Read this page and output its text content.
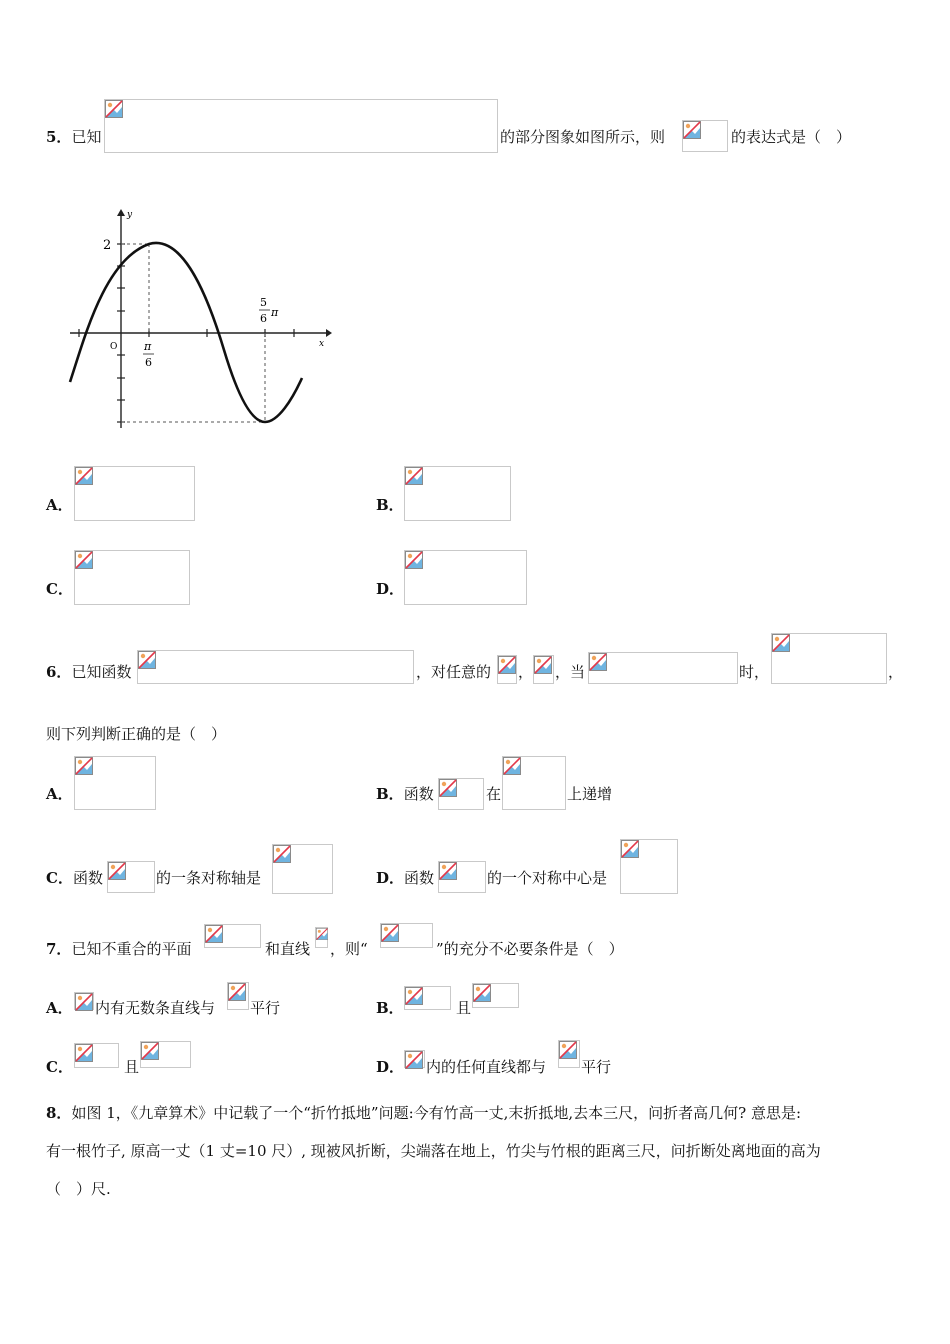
5．已知	的部分图象如图所示，则	的表达式是（　）
y
x
O
2
π
6
5
6 π
A．	B．
C．	D．
6．已知函数	，对任意的 ， ，当	时，	，
则下列判断正确的是（　）
A．	B．函数	在	上递增
C．函数	的一条对称轴是	D．函数	的一个对称中心是
7．已知不重合的平面	和直线 ，则“	”的充分不必要条件是（　）
A． 内有无数条直线与 平行	B．	且
C．	且	D． 内的任何直线都与 平行
8．如图 1，《九章算术》中记载了一个“折竹抵地”问题:今有竹高一丈,末折抵地,去本三尺，问折者高几何? 意思是:
有一根竹子, 原高一丈（1 丈=10 尺）, 现被风折断，尖端落在地上，竹尖与竹根的距离三尺，问折断处离地面的高为
（　）尺.
